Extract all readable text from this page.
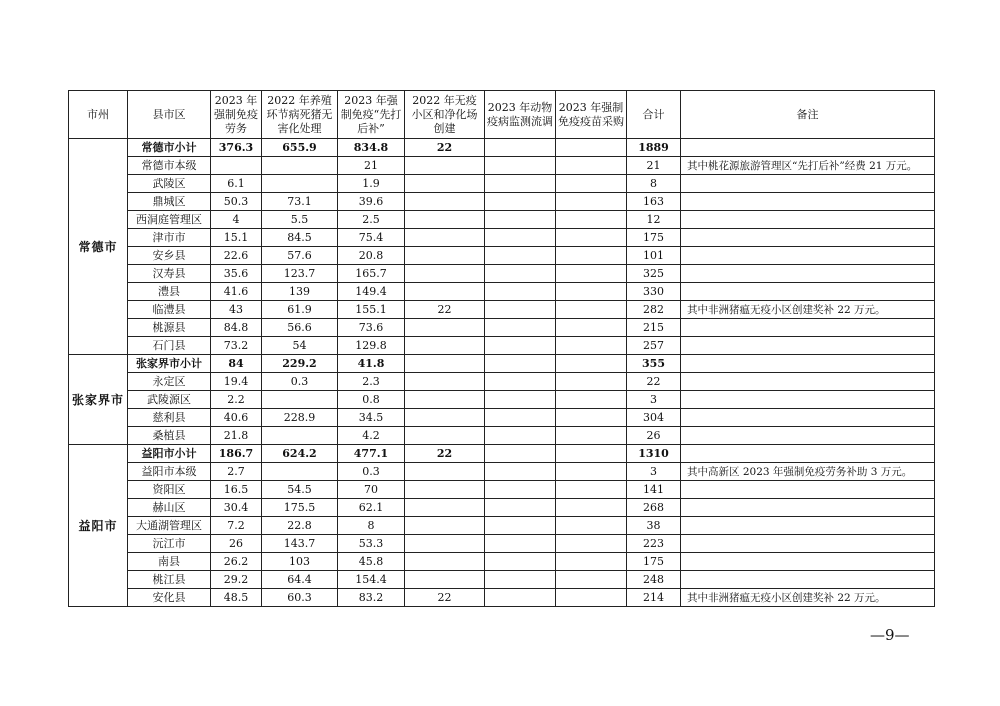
市州	县市区	2023 年强制免疫劳务	2022 年养殖环节病死猪无害化处理	2023 年强制免疫“先打后补”	2022 年无疫小区和净化场创建	2023 年动物疫病监测流调	2023 年强制免疫疫苗采购	合计	备注
常德市	常德市小计	376.3	655.9	834.8	22			1889	
	常德市本级			21				21	其中桃花源旅游管理区“先打后补”经费 21 万元。
	武陵区	6.1		1.9				8	
	鼎城区	50.3	73.1	39.6				163	
	西洞庭管理区	4	5.5	2.5				12	
	津市市	15.1	84.5	75.4				175	
	安乡县	22.6	57.6	20.8				101	
	汉寿县	35.6	123.7	165.7				325	
	澧县	41.6	139	149.4				330	
	临澧县	43	61.9	155.1	22			282	其中非洲猪瘟无疫小区创建奖补 22 万元。
	桃源县	84.8	56.6	73.6				215	
	石门县	73.2	54	129.8				257	
张家界市	张家界市小计	84	229.2	41.8				355	
	永定区	19.4	0.3	2.3				22	
	武陵源区	2.2		0.8				3	
	慈利县	40.6	228.9	34.5				304	
	桑植县	21.8		4.2				26	
益阳市	益阳市小计	186.7	624.2	477.1	22			1310	
	益阳市本级	2.7		0.3				3	其中高新区 2023 年强制免疫劳务补助 3 万元。
	资阳区	16.5	54.5	70				141	
	赫山区	30.4	175.5	62.1				268	
	大通湖管理区	7.2	22.8	8				38	
	沅江市	26	143.7	53.3				223	
	南县	26.2	103	45.8				175	
	桃江县	29.2	64.4	154.4				248	
	安化县	48.5	60.3	83.2	22			214	其中非洲猪瘟无疫小区创建奖补 22 万元。
—9—
